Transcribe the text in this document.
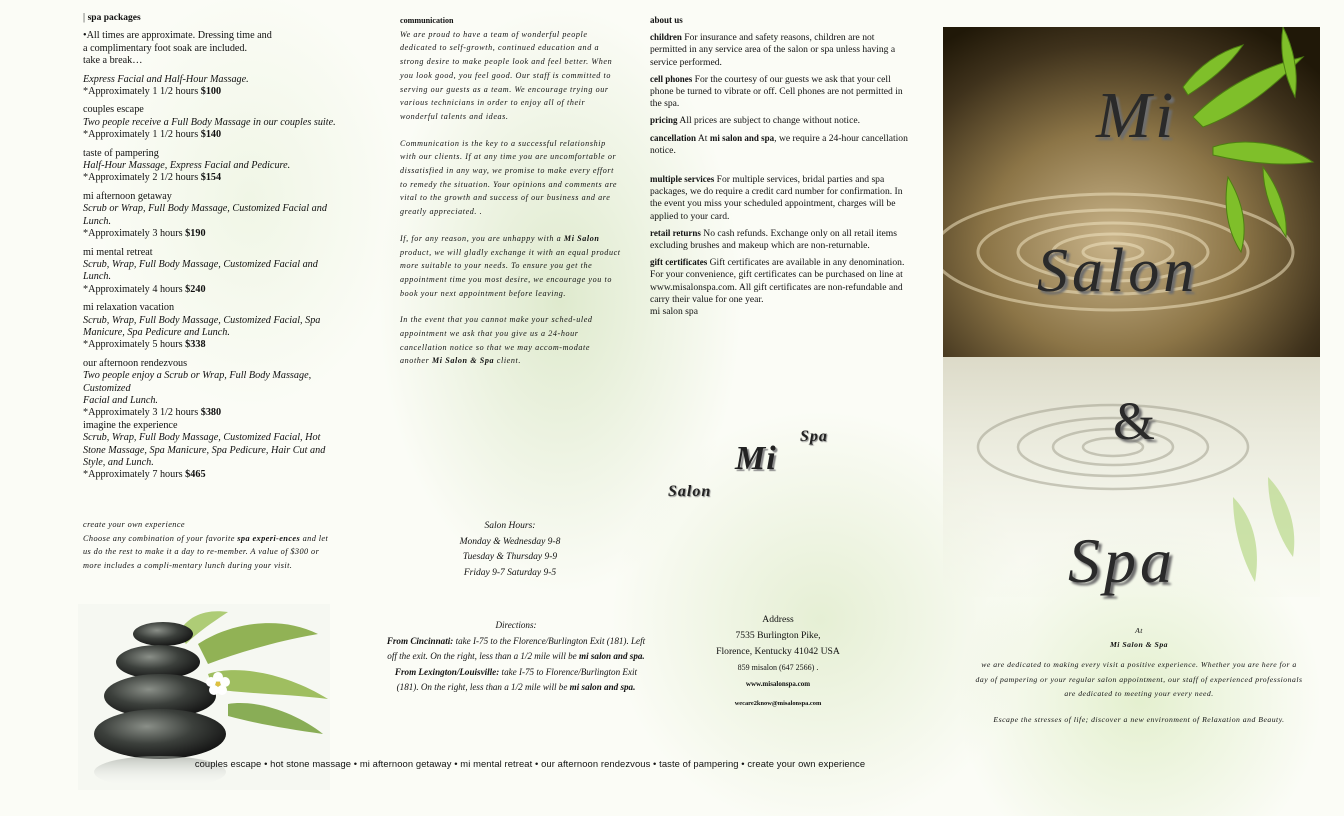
| spa packages

•All times are approximate. Dressing time and
a complimentary foot soak are included.
take a break…

Express Facial and Half-Hour Massage.
*Approximately 1 1/2 hours $100

couples escape
Two people receive a Full Body Massage in our couples suite.
*Approximately 1 1/2 hours $140

taste of pampering
Half-Hour Massage, Express Facial and Pedicure.
*Approximately 2 1/2 hours $154

mi afternoon getaway
Scrub or Wrap, Full Body Massage, Customized Facial and Lunch.
*Approximately 3 hours $190

mi mental retreat
Scrub, Wrap, Full Body Massage, Customized Facial and Lunch.
*Approximately 4 hours $240

mi relaxation vacation
Scrub, Wrap, Full Body Massage, Customized Facial, Spa Manicure, Spa Pedicure and Lunch.
*Approximately 5 hours $338

our afternoon rendezvous
Two people enjoy a Scrub or Wrap, Full Body Massage, Customized
Facial and Lunch.
*Approximately 3 1/2 hours $380

imagine the experience
Scrub, Wrap, Full Body Massage, Customized Facial, Hot Stone Massage, Spa Manicure, Spa Pedicure, Hair Cut and Style, and Lunch.
*Approximately 7 hours $465

create your own experience
Choose any combination of your favorite spa experi-ences and let us do the rest to make it a day to re-member. A value of $300 or more includes a compli-mentary lunch during your visit.
communication

We are proud to have a team of wonderful people dedicated to self-growth, continued education and a strong desire to make people look and feel better. When you look good, you feel good. Our staff is committed to serving our guests as a team. We encourage trying our various technicians in order to enjoy all of their wonderful talents and ideas.

Communication is the key to a successful relationship with our clients. If at any time you are uncomfortable or dissatisfied in any way, we promise to make every effort to remedy the situation. Your opinions and comments are vital to the growth and success of our business and are greatly appreciated. .

If, for any reason, you are unhappy with a Mi Salon product, we will gladly exchange it with an equal product more suitable to your needs. To ensure you get the appointment time you most desire, we encourage you to book your next appointment before leaving.

In the event that you cannot make your sched-uled appointment we ask that you give us a 24-hour cancellation notice so that we may accom-modate another Mi Salon & Spa client.

Salon Hours:
Monday & Wednesday 9-8
Tuesday & Thursday 9-9
Friday 9-7 Saturday 9-5
Directions:
From Cincinnati: take I-75 to the Florence/Burlington Exit (181). Left off the exit. On the right, less than a 1/2 mile will be mi salon and spa.
From Lexington/Louisville: take I-75 to Florence/Burlington Exit (181). On the right, less than a 1/2 mile will be mi salon and spa.

about us

children For insurance and safety reasons, children are not permitted in any service area of the salon or spa unless having a service performed.

cell phones For the courtesy of our guests we ask that your cell phone be turned to vibrate or off. Cell phones are not permitted in the spa.

pricing All prices are subject to change without notice.

cancellation At mi salon and spa, we require a 24-hour cancellation notice.

multiple services For multiple services, bridal parties and spa packages, we do require a credit card number for confirmation. In the event you miss your scheduled appointment, charges will be applied to your card.

retail returns No cash refunds. Exchange only on all retail items excluding brushes and makeup which are non-returnable.

gift certificates Gift certificates are available in any denomination. For your convenience, gift certificates can be purchased on line at www.misalonspa.com. All gift certificates are non-refundable and carry their value for one year.

mi salon spa

Spa
Mi
Salon
Address
7535 Burlington Pike,
Florence, Kentucky 41042 USA
859 misalon (647 2566) .
www.misalonspa.com
wecare2know@misalonspa.com
couples escape • hot stone massage • mi afternoon getaway • mi mental retreat • our afternoon rendezvous • taste of pampering • create your own experience
Mi
Salon
&
Spa
At
Mi Salon & Spa
we are dedicated to making every visit a positive experience. Whether you are here for a day of pampering or your regular salon appointment, our staff of experienced professionals are dedicated to meeting your every need.
Escape the stresses of life; discover a new environment of Relaxation and Beauty.
